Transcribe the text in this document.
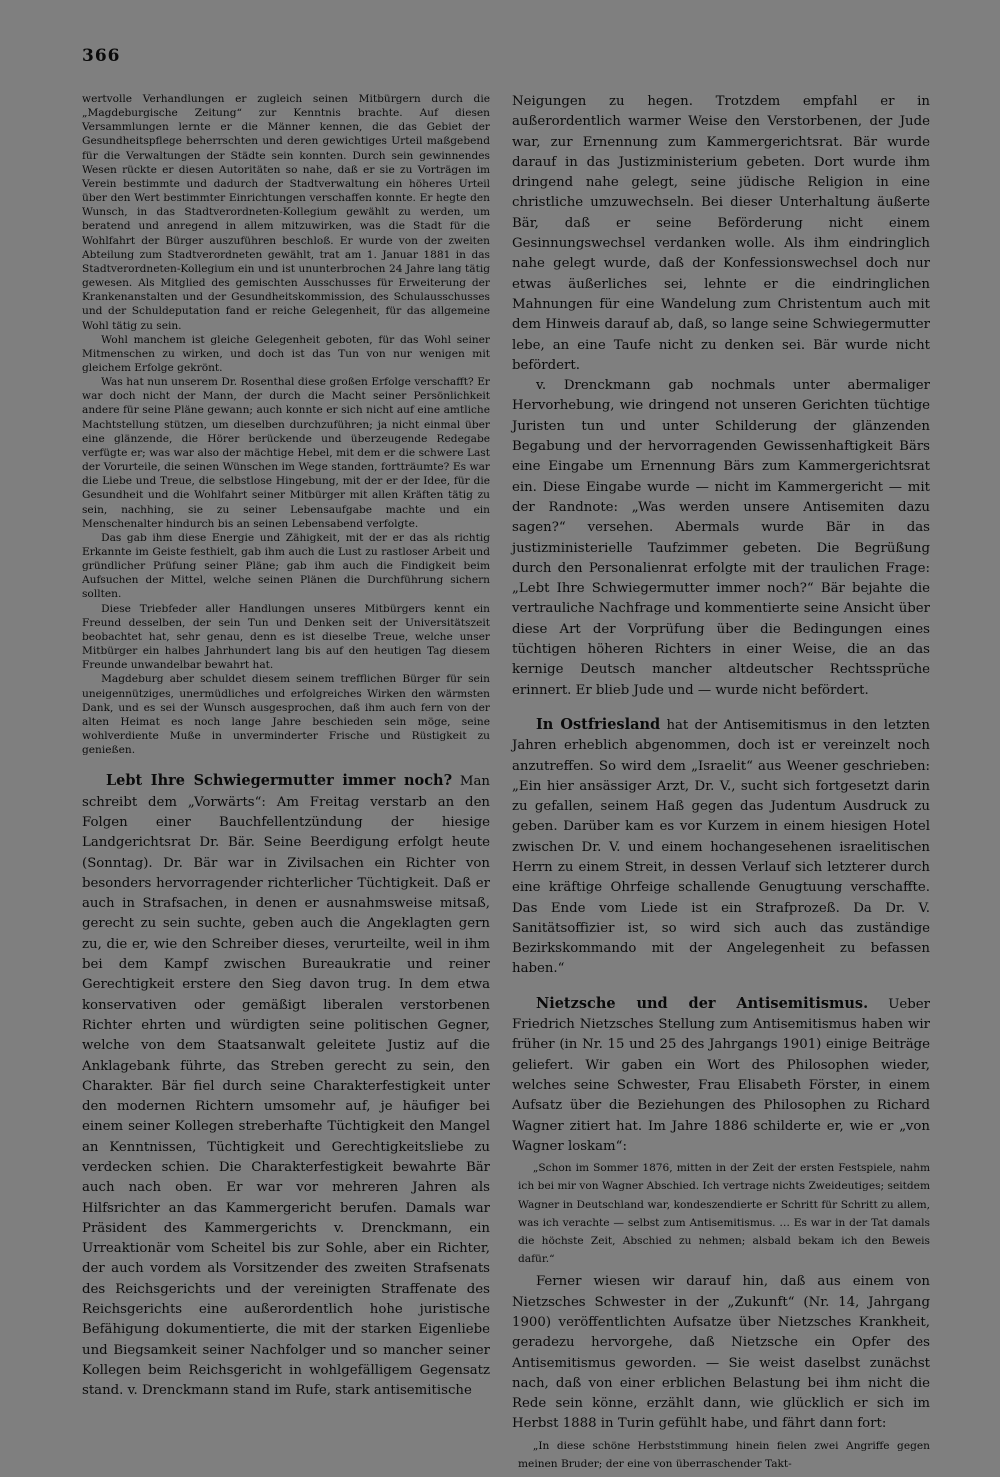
366

wertvolle Verhandlungen er zugleich seinen Mitbürgern durch die „Magdeburgische Zeitung“ zur Kenntnis brachte. Auf diesen Versammlungen lernte er die Männer kennen, die das Gebiet der Gesundheitspflege beherrschten und deren gewichtiges Urteil maßgebend für die Verwaltungen der Städte sein konnten. Durch sein gewinnendes Wesen rückte er diesen Autoritäten so nahe, daß er sie zu Vorträgen im Verein bestimmte und dadurch der Stadtverwaltung ein höheres Urteil über den Wert bestimmter Einrichtungen verschaffen konnte. Er hegte den Wunsch, in das Stadtverordneten-Kollegium gewählt zu werden, um beratend und anregend in allem mitzuwirken, was die Stadt für die Wohlfahrt der Bürger auszuführen beschloß. Er wurde von der zweiten Abteilung zum Stadtverordneten gewählt, trat am 1. Januar 1881 in das Stadtverordneten-Kollegium ein und ist ununterbrochen 24 Jahre lang tätig gewesen. Als Mitglied des gemischten Ausschusses für Erweiterung der Krankenanstalten und der Gesundheitskommission, des Schulausschusses und der Schuldeputation fand er reiche Gelegenheit, für das allgemeine Wohl tätig zu sein.

Wohl manchem ist gleiche Gelegenheit geboten, für das Wohl seiner Mitmenschen zu wirken, und doch ist das Tun von nur wenigen mit gleichem Erfolge gekrönt.

Was hat nun unserem Dr. Rosenthal diese großen Erfolge verschafft? Er war doch nicht der Mann, der durch die Macht seiner Persönlichkeit andere für seine Pläne gewann; auch konnte er sich nicht auf eine amtliche Machtstellung stützen, um dieselben durchzuführen; ja nicht einmal über eine glänzende, die Hörer berückende und überzeugende Redegabe verfügte er; was war also der mächtige Hebel, mit dem er die schwere Last der Vorurteile, die seinen Wünschen im Wege standen, fortträumte? Es war die Liebe und Treue, die selbstlose Hingebung, mit der er der Idee, für die Gesundheit und die Wohlfahrt seiner Mitbürger mit allen Kräften tätig zu sein, nachhing, sie zu seiner Lebensaufgabe machte und ein Menschenalter hindurch bis an seinen Lebensabend verfolgte.

Das gab ihm diese Energie und Zähigkeit, mit der er das als richtig Erkannte im Geiste festhielt, gab ihm auch die Lust zu rastloser Arbeit und gründlicher Prüfung seiner Pläne; gab ihm auch die Findigkeit beim Aufsuchen der Mittel, welche seinen Plänen die Durchführung sichern sollten.

Diese Triebfeder aller Handlungen unseres Mitbürgers kennt ein Freund desselben, der sein Tun und Denken seit der Universitätszeit beobachtet hat, sehr genau, denn es ist dieselbe Treue, welche unser Mitbürger ein halbes Jahrhundert lang bis auf den heutigen Tag diesem Freunde unwandelbar bewahrt hat.

Magdeburg aber schuldet diesem seinem trefflichen Bürger für sein uneigennütziges, unermüdliches und erfolgreiches Wirken den wärmsten Dank, und es sei der Wunsch ausgesprochen, daß ihm auch fern von der alten Heimat es noch lange Jahre beschieden sein möge, seine wohlverdiente Muße in unverminderter Frische und Rüstigkeit zu genießen.

Lebt Ihre Schwiegermutter immer noch? Man schreibt dem „Vorwärts“: Am Freitag verstarb an den Folgen einer Bauchfellentzündung der hiesige Landgerichtsrat Dr. Bär. Seine Beerdigung erfolgt heute (Sonntag). Dr. Bär war in Zivilsachen ein Richter von besonders hervorragender richterlicher Tüchtigkeit. Daß er auch in Strafsachen, in denen er ausnahmsweise mitsaß, gerecht zu sein suchte, geben auch die Angeklagten gern zu, die er, wie den Schreiber dieses, verurteilte, weil in ihm bei dem Kampf zwischen Bureaukratie und reiner Gerechtigkeit erstere den Sieg davon trug. In dem etwa konservativen oder gemäßigt liberalen verstorbenen Richter ehrten und würdigten seine politischen Gegner, welche von dem Staatsanwalt geleitete Justiz auf die Anklagebank führte, das Streben gerecht zu sein, den Charakter. Bär fiel durch seine Charakterfestigkeit unter den modernen Richtern umsomehr auf, je häufiger bei einem seiner Kollegen streberhafte Tüchtigkeit den Mangel an Kenntnissen, Tüchtigkeit und Gerechtigkeitsliebe zu verdecken schien. Die Charakterfestigkeit bewahrte Bär auch nach oben. Er war vor mehreren Jahren als Hilfsrichter an das Kammergericht berufen. Damals war Präsident des Kammergerichts v. Drenckmann, ein Urreaktionär vom Scheitel bis zur Sohle, aber ein Richter, der auch vordem als Vorsitzender des zweiten Strafsenats des Reichsgerichts und der vereinigten Straffenate des Reichsgerichts eine außerordentlich hohe juristische Befähigung dokumentierte, die mit der starken Eigenliebe und Biegsamkeit seiner Nachfolger und so mancher seiner Kollegen beim Reichsgericht in wohlgefälligem Gegensatz stand. v. Drenckmann stand im Rufe, stark antisemitische

Neigungen zu hegen. Trotzdem empfahl er in außerordentlich warmer Weise den Verstorbenen, der Jude war, zur Ernennung zum Kammergerichtsrat. Bär wurde darauf in das Justizministerium gebeten. Dort wurde ihm dringend nahe gelegt, seine jüdische Religion in eine christliche umzuwechseln. Bei dieser Unterhaltung äußerte Bär, daß er seine Beförderung nicht einem Gesinnungswechsel verdanken wolle. Als ihm eindringlich nahe gelegt wurde, daß der Konfessionswechsel doch nur etwas äußerliches sei, lehnte er die eindringlichen Mahnungen für eine Wandelung zum Christentum auch mit dem Hinweis darauf ab, daß, so lange seine Schwiegermutter lebe, an eine Taufe nicht zu denken sei. Bär wurde nicht befördert.

v. Drenckmann gab nochmals unter abermaliger Hervorhebung, wie dringend not unseren Gerichten tüchtige Juristen tun und unter Schilderung der glänzenden Begabung und der hervorragenden Gewissenhaftigkeit Bärs eine Eingabe um Ernennung Bärs zum Kammergerichtsrat ein. Diese Eingabe wurde — nicht im Kammergericht — mit der Randnote: „Was werden unsere Antisemiten dazu sagen?“ versehen. Abermals wurde Bär in das justizministerielle Taufzimmer gebeten. Die Begrüßung durch den Personalienrat erfolgte mit der traulichen Frage: „Lebt Ihre Schwiegermutter immer noch?“ Bär bejahte die vertrauliche Nachfrage und kommentierte seine Ansicht über diese Art der Vorprüfung über die Bedingungen eines tüchtigen höheren Richters in einer Weise, die an das kernige Deutsch mancher altdeutscher Rechtssprüche erinnert. Er blieb Jude und — wurde nicht befördert.

In Ostfriesland hat der Antisemitismus in den letzten Jahren erheblich abgenommen, doch ist er vereinzelt noch anzutreffen. So wird dem „Israelit“ aus Weener geschrieben: „Ein hier ansässiger Arzt, Dr. V., sucht sich fortgesetzt darin zu gefallen, seinem Haß gegen das Judentum Ausdruck zu geben. Darüber kam es vor Kurzem in einem hiesigen Hotel zwischen Dr. V. und einem hochangesehenen israelitischen Herrn zu einem Streit, in dessen Verlauf sich letzterer durch eine kräftige Ohrfeige schallende Genugtuung verschaffte. Das Ende vom Liede ist ein Strafprozeß. Da Dr. V. Sanitätsoffizier ist, so wird sich auch das zuständige Bezirkskommando mit der Angelegenheit zu befassen haben.“

Nietzsche und der Antisemitismus. Ueber Friedrich Nietzsches Stellung zum Antisemitismus haben wir früher (in Nr. 15 und 25 des Jahrgangs 1901) einige Beiträge geliefert. Wir gaben ein Wort des Philosophen wieder, welches seine Schwester, Frau Elisabeth Förster, in einem Aufsatz über die Beziehungen des Philosophen zu Richard Wagner zitiert hat. Im Jahre 1886 schilderte er, wie er „von Wagner loskam“:

„Schon im Sommer 1876, mitten in der Zeit der ersten Festspiele, nahm ich bei mir von Wagner Abschied. Ich vertrage nichts Zweideutiges; seitdem Wagner in Deutschland war, kondeszendierte er Schritt für Schritt zu allem, was ich verachte — selbst zum Antisemitismus. … Es war in der Tat damals die höchste Zeit, Abschied zu nehmen; alsbald bekam ich den Beweis dafür.“

Ferner wiesen wir darauf hin, daß aus einem von Nietzsches Schwester in der „Zukunft“ (Nr. 14, Jahrgang 1900) veröffentlichten Aufsatze über Nietzsches Krankheit, geradezu hervorgehe, daß Nietzsche ein Opfer des Antisemitismus geworden. — Sie weist daselbst zunächst nach, daß von einer erblichen Belastung bei ihm nicht die Rede sein könne, erzählt dann, wie glücklich er sich im Herbst 1888 in Turin gefühlt habe, und fährt dann fort:

„In diese schöne Herbststimmung hinein fielen zwei Angriffe gegen meinen Bruder; der eine von überraschender Takt-
